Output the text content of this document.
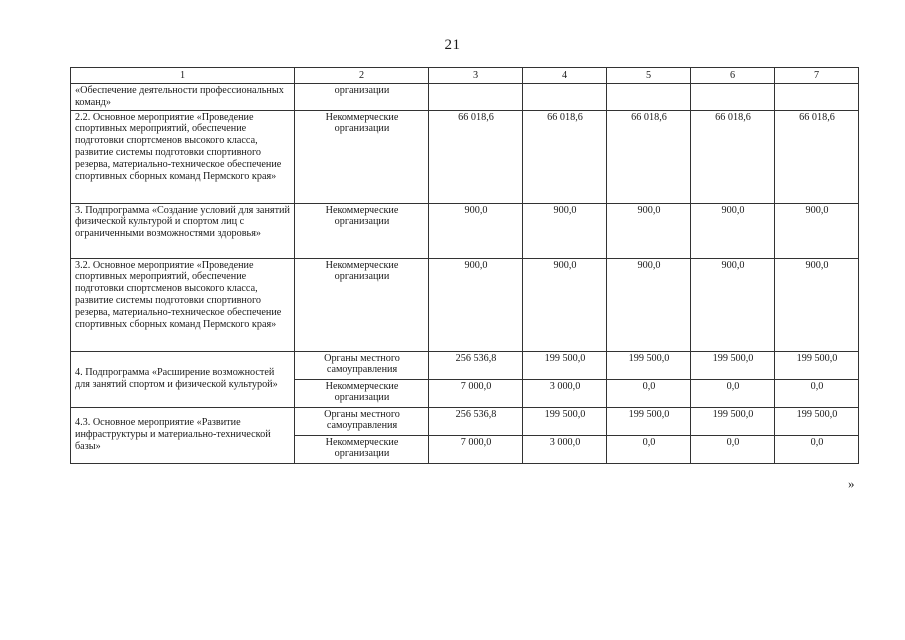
21
1	2	3	4	5	6	7
«Обеспечение деятельности профессиональных команд»	организации					
2.2. Основное мероприятие «Проведение спортивных мероприятий, обеспечение подготовки спортсменов высокого класса, развитие системы подготовки спортивного резерва, материально-техническое обеспечение спортивных сборных команд Пермского края»	Некоммерческие организации	66 018,6	66 018,6	66 018,6	66 018,6	66 018,6
3. Подпрограмма «Создание условий для занятий физической культурой и спортом лиц с ограниченными возможностями здоровья»	Некоммерческие организации	900,0	900,0	900,0	900,0	900,0
3.2. Основное мероприятие «Проведение спортивных мероприятий, обеспечение подготовки спортсменов высокого класса, развитие системы подготовки спортивного резерва, материально-техническое обеспечение спортивных сборных команд Пермского края»	Некоммерческие организации	900,0	900,0	900,0	900,0	900,0
4. Подпрограмма «Расширение возможностей для занятий спортом и физической культурой»	Органы местного самоуправления	256 536,8	199 500,0	199 500,0	199 500,0	199 500,0
	Некоммерческие организации	7 000,0	3 000,0	0,0	0,0	0,0
4.3. Основное мероприятие «Развитие инфраструктуры и материально-технической базы»	Органы местного самоуправления	256 536,8	199 500,0	199 500,0	199 500,0	199 500,0
	Некоммерческие организации	7 000,0	3 000,0	0,0	0,0	0,0
»
